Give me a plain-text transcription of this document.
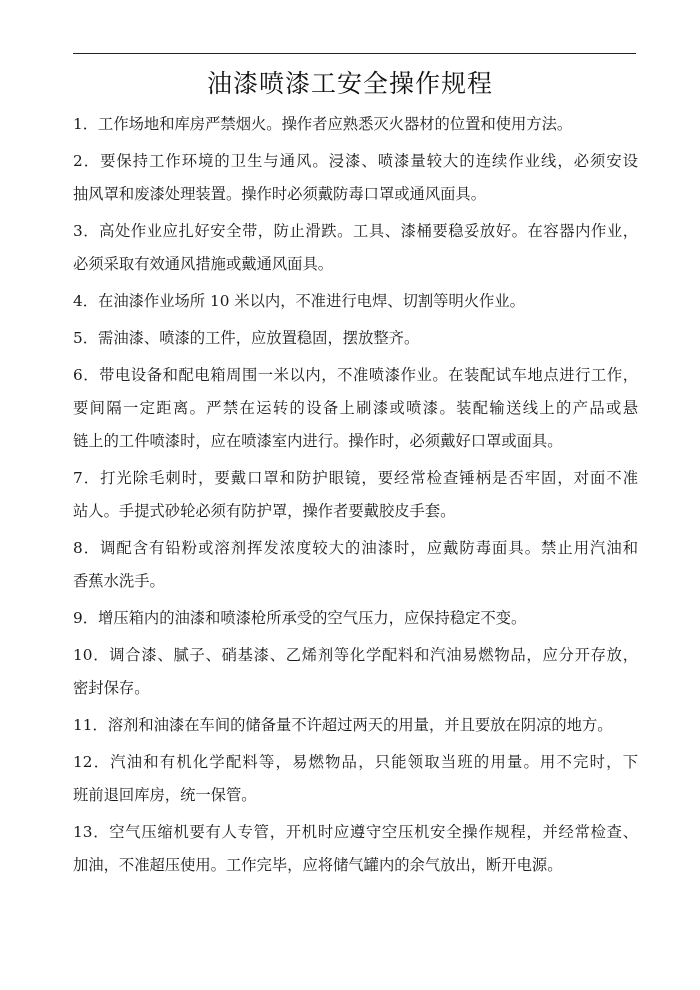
油漆喷漆工安全操作规程
1．工作场地和库房严禁烟火。操作者应熟悉灭火器材的位置和使用方法。
2．要保持工作环境的卫生与通风。浸漆、喷漆量较大的连续作业线，必须安设
抽风罩和废漆处理装置。操作时必须戴防毒口罩或通风面具。
3．高处作业应扎好安全带，防止滑跌。工具、漆桶要稳妥放好。在容器内作业，
必须采取有效通风措施或戴通风面具。
4．在油漆作业场所 10 米以内，不准进行电焊、切割等明火作业。
5．需油漆、喷漆的工件，应放置稳固，摆放整齐。
6．带电设备和配电箱周围一米以内，不准喷漆作业。在装配试车地点进行工作，
要间隔一定距离。严禁在运转的设备上刷漆或喷漆。装配输送线上的产品或悬
链上的工件喷漆时，应在喷漆室内进行。操作时，必须戴好口罩或面具。
7．打光除毛刺时，要戴口罩和防护眼镜，要经常检查锤柄是否牢固，对面不准
站人。手提式砂轮必须有防护罩，操作者要戴胶皮手套。
8．调配含有铅粉或溶剂挥发浓度较大的油漆时，应戴防毒面具。禁止用汽油和
香蕉水洗手。
9．增压箱内的油漆和喷漆枪所承受的空气压力，应保持稳定不变。
10．调合漆、腻子、硝基漆、乙烯剂等化学配料和汽油易燃物品，应分开存放，
密封保存。
11．溶剂和油漆在车间的储备量不许超过两天的用量，并且要放在阴凉的地方。
12．汽油和有机化学配料等，易燃物品，只能领取当班的用量。用不完时，下
班前退回库房，统一保管。
13．空气压缩机要有人专管，开机时应遵守空压机安全操作规程，并经常检查、
加油，不准超压使用。工作完毕，应将储气罐内的余气放出，断开电源。
